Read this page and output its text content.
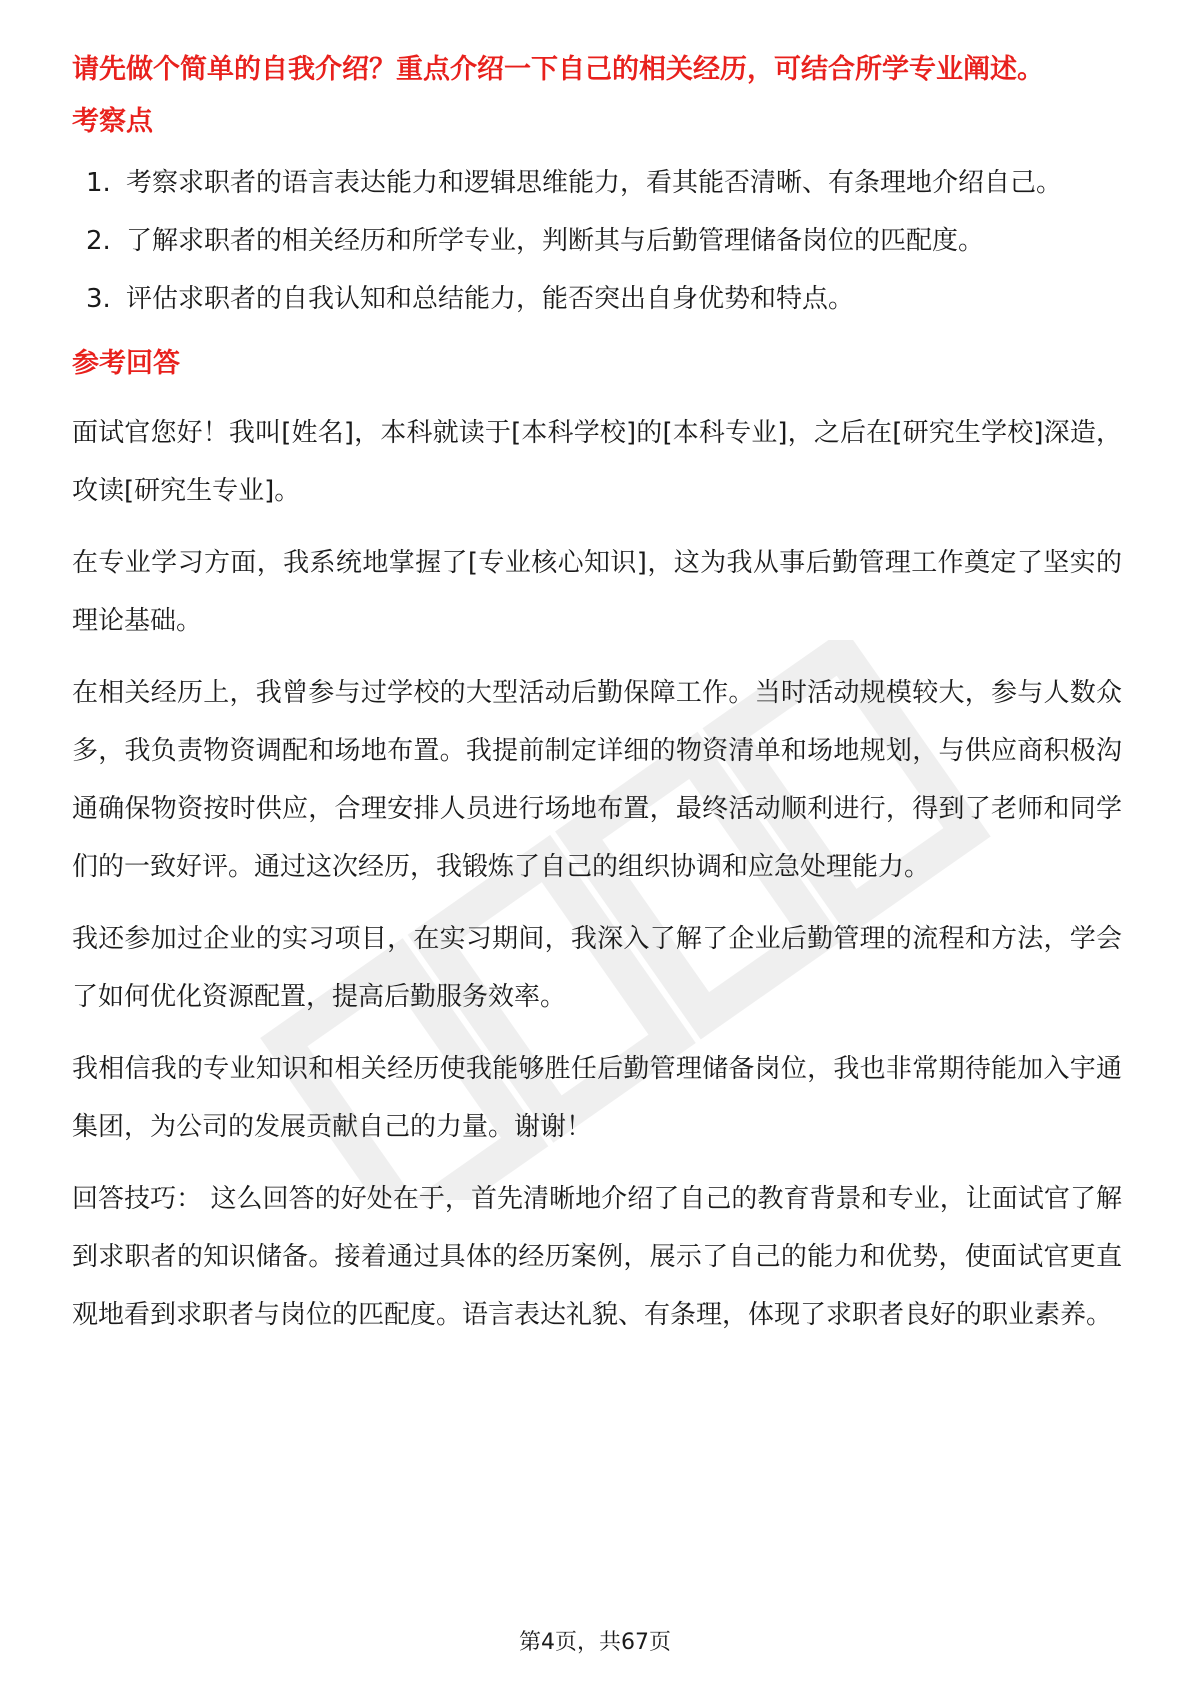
请先做个简单的自我介绍？重点介绍一下自己的相关经历，可结合所学专业阐述。

考察点

1. 考察求职者的语言表达能力和逻辑思维能力，看其能否清晰、有条理地介绍自己。
2. 了解求职者的相关经历和所学专业，判断其与后勤管理储备岗位的匹配度。
3. 评估求职者的自我认知和总结能力，能否突出自身优势和特点。

参考回答

面试官您好！我叫[姓名]，本科就读于[本科学校]的[本科专业]，之后在[研究生学校]深造，攻读[研究生专业]。

在专业学习方面，我系统地掌握了[专业核心知识]，这为我从事后勤管理工作奠定了坚实的理论基础。

在相关经历上，我曾参与过学校的大型活动后勤保障工作。当时活动规模较大，参与人数众多，我负责物资调配和场地布置。我提前制定详细的物资清单和场地规划，与供应商积极沟通确保物资按时供应，合理安排人员进行场地布置，最终活动顺利进行，得到了老师和同学们的一致好评。通过这次经历，我锻炼了自己的组织协调和应急处理能力。

我还参加过企业的实习项目，在实习期间，我深入了解了企业后勤管理的流程和方法，学会了如何优化资源配置，提高后勤服务效率。

我相信我的专业知识和相关经历使我能够胜任后勤管理储备岗位，我也非常期待能加入宇通集团，为公司的发展贡献自己的力量。谢谢！

回答技巧： 这么回答的好处在于，首先清晰地介绍了自己的教育背景和专业，让面试官了解到求职者的知识储备。接着通过具体的经历案例，展示了自己的能力和优势，使面试官更直观地看到求职者与岗位的匹配度。语言表达礼貌、有条理，体现了求职者良好的职业素养。

第4页，共67页
